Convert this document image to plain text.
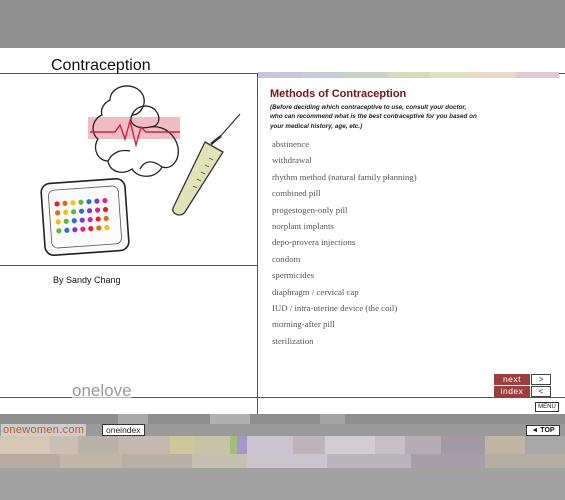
Contraception
By Sandy Chang
onelove
Methods of Contraception
(Before deciding which contraceptive to use, consult your doctor, who can recommend what is the best contraceptive for you based on your medical history, age, etc.)
abstinence
withdrawal
rhythm method (natural family planning)
combined pill
progestogen-only pill
norplant implants
depo-provera injections
condom
spermicides
diaphragm / cervical cap
IUD / intra-uterine device (the coil)
morning-after pill
sterilization
next	>
index	<
MENU
onewomen.com	oneindex	◄ TOP
